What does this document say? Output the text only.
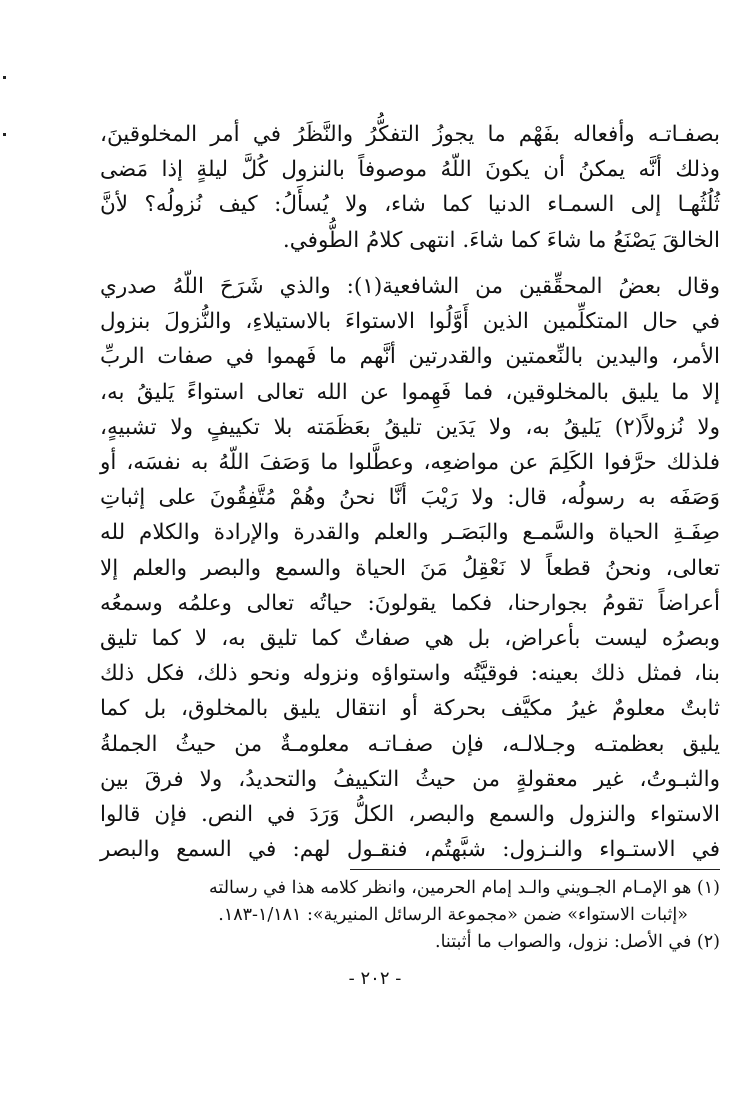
بصفـاتـه وأفعاله بفَهْم ما يجوزُ التفكُّرُ والنَّظَرُ في أمر المخلوقينَ،
وذلك أنَّه يمكنُ أن يكونَ اللّهُ موصوفاً بالنزول كُلَّ ليلةٍ إذا مَضى
ثُلُثُهـا إلى السمـاء الدنيا كما شاء، ولا يُسأَلُ: كيف نُزولُه؟ لأنَّ
الخالقَ يَصْنَعُ ما شاءَ كما شاءَ. انتهى كلامُ الطُّوفي.
وقال بعضُ المحقِّقين من الشافعية(١): والذي شَرَحَ اللّهُ صدري
في حال المتكلِّمين الذين أَوَّلُوا الاستواءَ بالاستيلاءِ، والنُّزولَ بنزول
الأمر، واليدين بالنِّعمتين والقدرتين أنَّهم ما فَهموا في صفات الربِّ
إلا ما يليق بالمخلوقين، فما فَهِموا عن الله تعالى استواءً يَليقُ به،
ولا نُزولاً(٢) يَليقُ به، ولا يَدَين تليقُ بعَظَمَته بلا تكييفٍ ولا تشبيهٍ،
فلذلك حرَّفوا الكَلِمَ عن مواضعِه، وعطَّلوا ما وَصَفَ اللّهُ به نفسَه، أو
وَصَفَه به رسولُه، قال: ولا رَيْبَ أنَّا نحنُ وهُمْ مُتَّفِقُونَ على إثباتِ
صِفَـةِ الحياة والسَّمـع والبَصَـر والعلم والقدرة والإرادة والكلام لله
تعالى، ونحنُ قطعاً لا نَعْقِلُ مَنَ الحياة والسمع والبصر والعلم إلا
أعراضاً تقومُ بجوارحنا، فكما يقولونَ: حياتُه تعالى وعلمُه وسمعُه
وبصرُه ليست بأعراض، بل هي صفاتٌ كما تليق به، لا كما تليق
بنا، فمثل ذلك بعينه: فوقيَّتُه واستواؤه ونزوله ونحو ذلك، فكل ذلك
ثابتٌ معلومٌ غيرُ مكيَّف بحركة أو انتقال يليق بالمخلوق، بل كما
يليق بعظمتـه وجـلالـه، فإن صفـاتـه معلومـةٌ من حيثُ الجملةُ
والثبـوتُ، غير معقولةٍ من حيثُ التكييفُ والتحديدُ، ولا فرقَ بين
الاستواء والنزول والسمع والبصر، الكلُّ وَرَدَ في النص. فإن قالوا
في الاستـواء والنـزول: شبَّهتُم، فنقـول لهم: في السمع والبصر
(١) هو الإمـام الجـويني والـد إمام الحرمين، وانظر كلامه هذا في رسالته
«إثبات الاستواء» ضمن «مجموعة الرسائل المنيرية»: ١/١٨١-١٨٣.
(٢) في الأصل: نزول، والصواب ما أثبتنا.
- ٢٠٢ -
